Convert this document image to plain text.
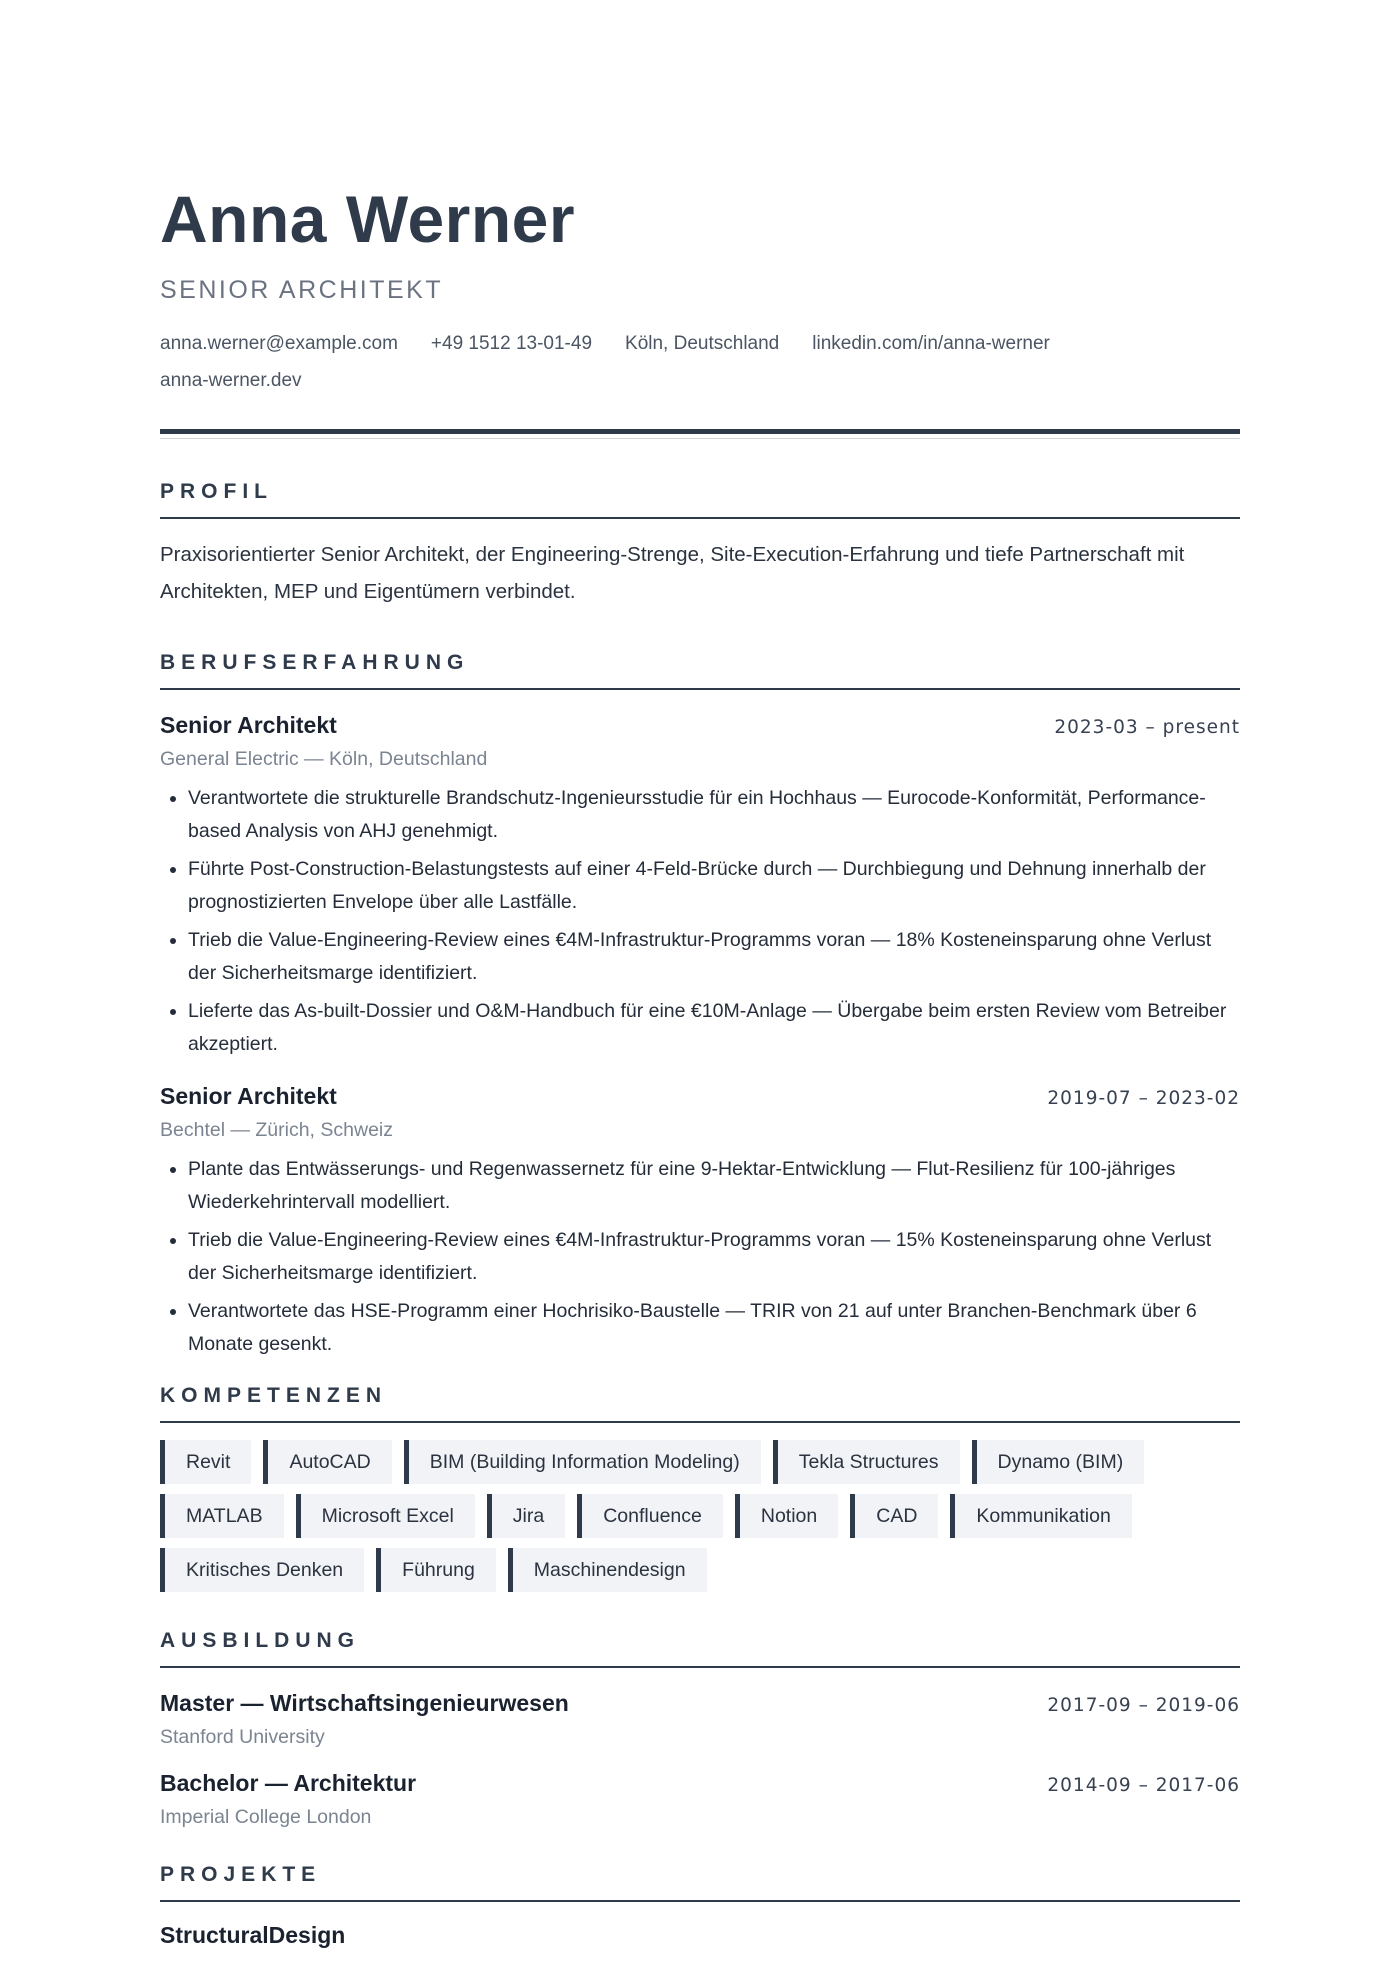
Anna Werner
SENIOR ARCHITEKT
anna.werner@example.com +49 1512 13-01-49 Köln, Deutschland linkedin.com/in/anna-werner
anna-werner.dev
PROFIL
Praxisorientierter Senior Architekt, der Engineering-Strenge, Site-Execution-Erfahrung und tiefe Partnerschaft mit Architekten, MEP und Eigentümern verbindet.
BERUFSERFAHRUNG
Senior Architekt	2023-03 – present
General Electric — Köln, Deutschland
• Verantwortete die strukturelle Brandschutz-Ingenieursstudie für ein Hochhaus — Eurocode-Konformität, Performance-based Analysis von AHJ genehmigt.
• Führte Post-Construction-Belastungstests auf einer 4-Feld-Brücke durch — Durchbiegung und Dehnung innerhalb der prognostizierten Envelope über alle Lastfälle.
• Trieb die Value-Engineering-Review eines €4M-Infrastruktur-Programms voran — 18% Kosteneinsparung ohne Verlust der Sicherheitsmarge identifiziert.
• Lieferte das As-built-Dossier und O&M-Handbuch für eine €10M-Anlage — Übergabe beim ersten Review vom Betreiber akzeptiert.
Senior Architekt	2019-07 – 2023-02
Bechtel — Zürich, Schweiz
• Plante das Entwässerungs- und Regenwassernetz für eine 9-Hektar-Entwicklung — Flut-Resilienz für 100-jähriges Wiederkehrintervall modelliert.
• Trieb die Value-Engineering-Review eines €4M-Infrastruktur-Programms voran — 15% Kosteneinsparung ohne Verlust der Sicherheitsmarge identifiziert.
• Verantwortete das HSE-Programm einer Hochrisiko-Baustelle — TRIR von 21 auf unter Branchen-Benchmark über 6 Monate gesenkt.
KOMPETENZEN
Revit	AutoCAD	BIM (Building Information Modeling)	Tekla Structures	Dynamo (BIM)
MATLAB	Microsoft Excel	Jira	Confluence	Notion	CAD	Kommunikation
Kritisches Denken	Führung	Maschinendesign
AUSBILDUNG
Master — Wirtschaftsingenieurwesen	2017-09 – 2019-06
Stanford University
Bachelor — Architektur	2014-09 – 2017-06
Imperial College London
PROJEKTE
StructuralDesign
